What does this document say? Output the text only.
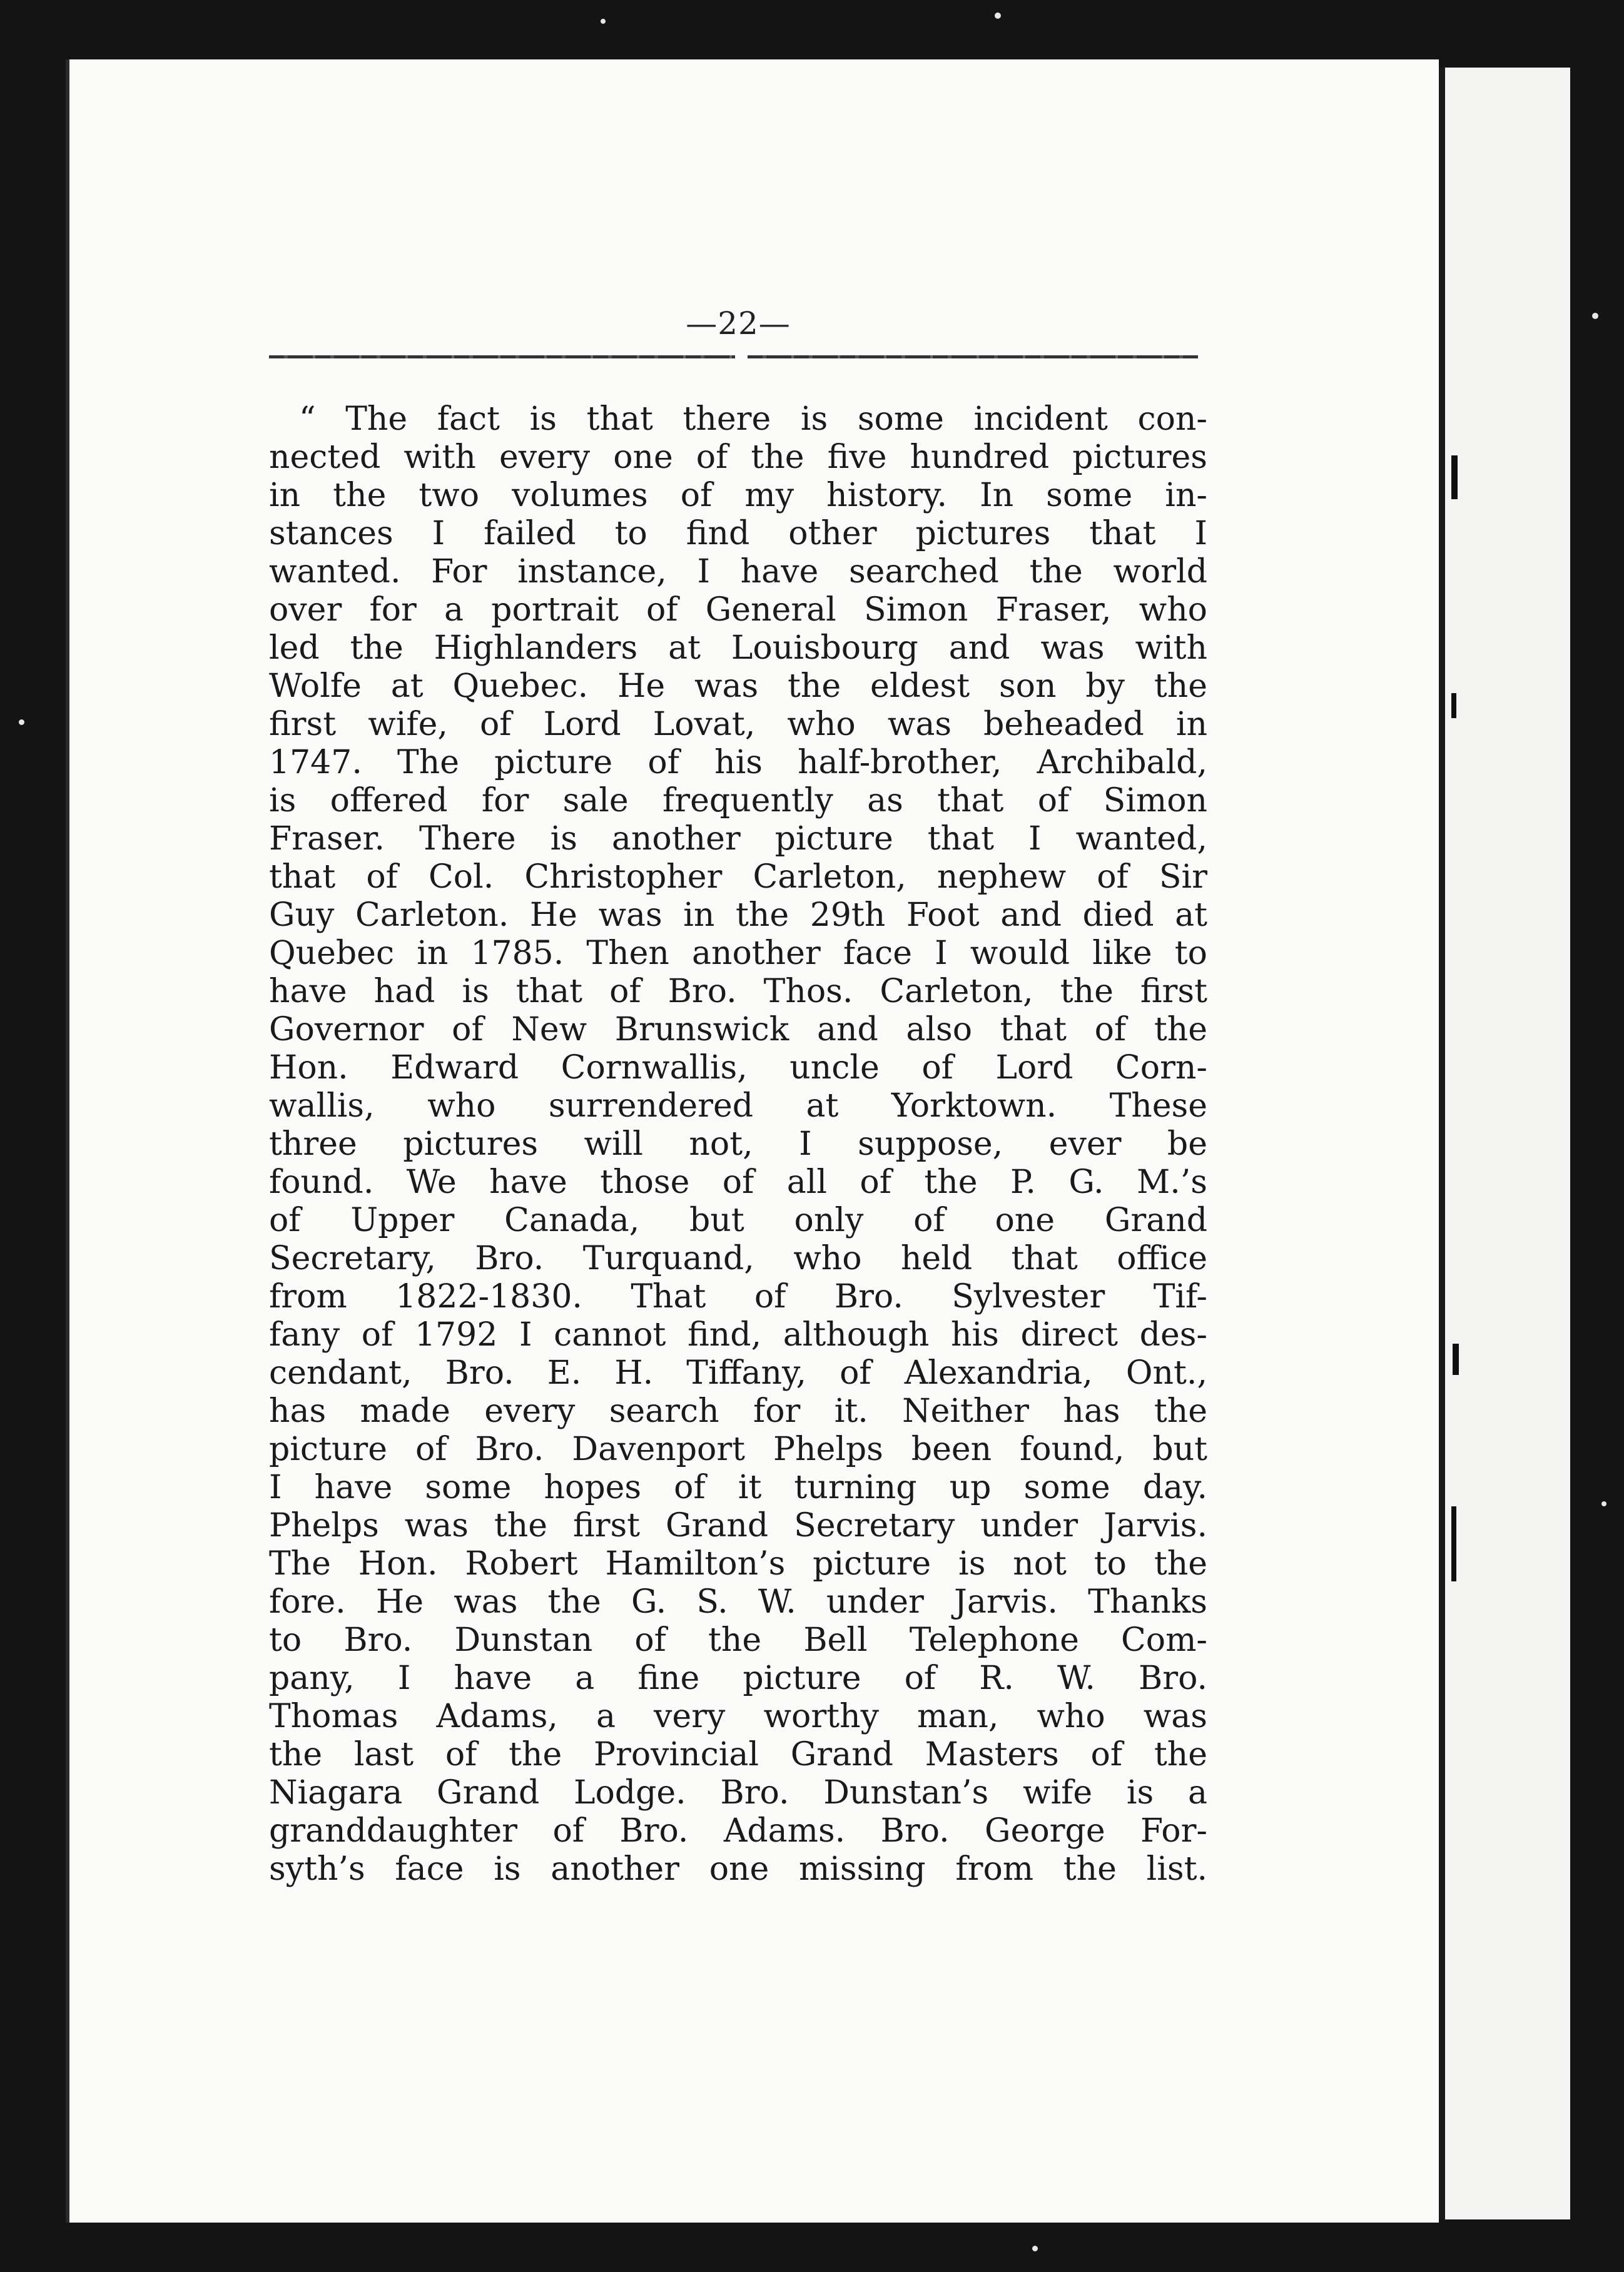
—22—
“ The fact is that there is some incident con-
nected with every one of the five hundred pictures
in the two volumes of my history. In some in-
stances I failed to find other pictures that I
wanted. For instance, I have searched the world
over for a portrait of General Simon Fraser, who
led the Highlanders at Louisbourg and was with
Wolfe at Quebec. He was the eldest son by the
first wife, of Lord Lovat, who was beheaded in
1747. The picture of his half-brother, Archibald,
is offered for sale frequently as that of Simon
Fraser. There is another picture that I wanted,
that of Col. Christopher Carleton, nephew of Sir
Guy Carleton. He was in the 29th Foot and died at
Quebec in 1785. Then another face I would like to
have had is that of Bro. Thos. Carleton, the first
Governor of New Brunswick and also that of the
Hon. Edward Cornwallis, uncle of Lord Corn-
wallis, who surrendered at Yorktown. These
three pictures will not, I suppose, ever be
found. We have those of all of the P. G. M.’s
of Upper Canada, but only of one Grand
Secretary, Bro. Turquand, who held that office
from 1822-1830. That of Bro. Sylvester Tif-
fany of 1792 I cannot find, although his direct des-
cendant, Bro. E. H. Tiffany, of Alexandria, Ont.,
has made every search for it. Neither has the
picture of Bro. Davenport Phelps been found, but
I have some hopes of it turning up some day.
Phelps was the first Grand Secretary under Jarvis.
The Hon. Robert Hamilton’s picture is not to the
fore. He was the G. S. W. under Jarvis. Thanks
to Bro. Dunstan of the Bell Telephone Com-
pany, I have a fine picture of R. W. Bro.
Thomas Adams, a very worthy man, who was
the last of the Provincial Grand Masters of the
Niagara Grand Lodge. Bro. Dunstan’s wife is a
granddaughter of Bro. Adams. Bro. George For-
syth’s face is another one missing from the list.
